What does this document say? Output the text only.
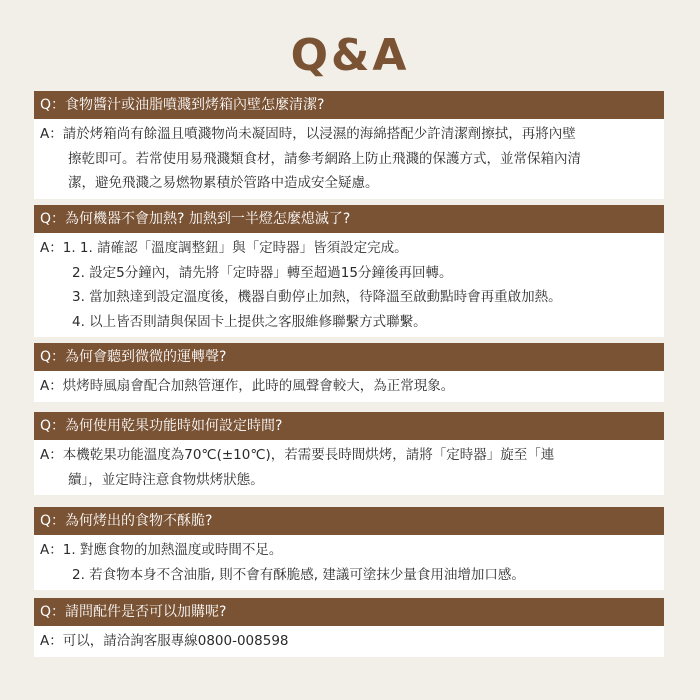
Q&A
Q：食物醬汁或油脂噴濺到烤箱內壁怎麼清潔?
A：請於烤箱尚有餘溫且噴濺物尚未凝固時，以浸濕的海綿搭配少許清潔劑擦拭，再將內壁
擦乾即可。若常使用易飛濺類食材，請參考網路上防止飛濺的保護方式，並常保箱內清
潔，避免飛濺之易燃物累積於管路中造成安全疑慮。
Q：為何機器不會加熱? 加熱到一半燈怎麼熄滅了?
A：1. 1. 請確認「溫度調整鈕」與「定時器」皆須設定完成。
2. 設定5分鐘內，請先將「定時器」轉至超過15分鐘後再回轉。
3. 當加熱達到設定溫度後，機器自動停止加熱，待降溫至啟動點時會再重啟加熱。
4. 以上皆否則請與保固卡上提供之客服維修聯繫方式聯繫。
Q：為何會聽到微微的運轉聲?
A：烘烤時風扇會配合加熱管運作，此時的風聲會較大，為正常現象。
Q：為何使用乾果功能時如何設定時間?
A：本機乾果功能溫度為70℃(±10℃)，若需要長時間烘烤，請將「定時器」旋至「連
續」，並定時注意食物烘烤狀態。
Q：為何烤出的食物不酥脆?
A：1. 對應食物的加熱溫度或時間不足。
2. 若食物本身不含油脂, 則不會有酥脆感, 建議可塗抹少量食用油增加口感。
Q：請問配件是否可以加購呢?
A：可以，請洽詢客服專線0800-008598
